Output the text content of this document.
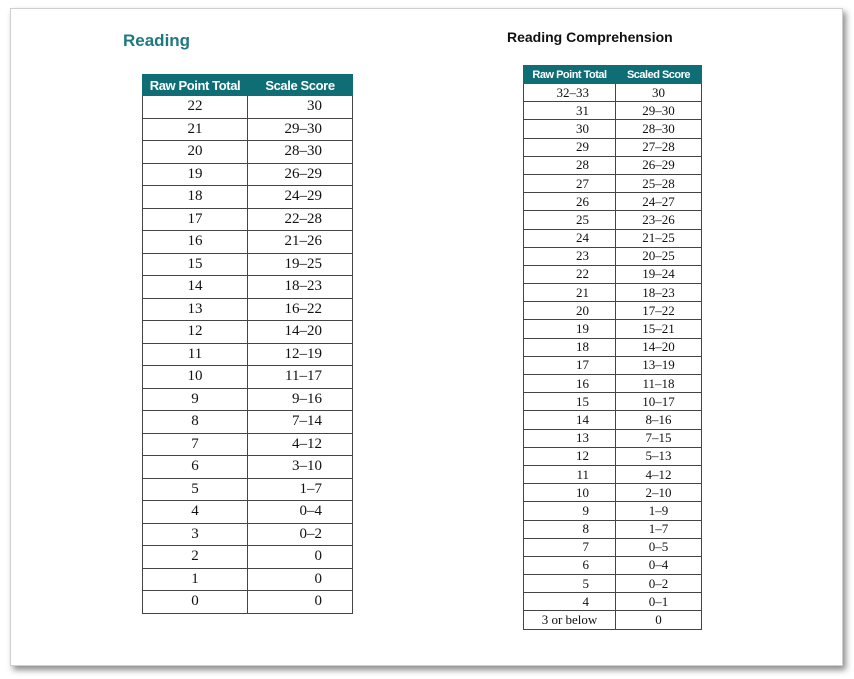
Reading	Reading Comprehension
Raw Point Total	Scale Score
22	30
21	29–30
20	28–30
19	26–29
18	24–29
17	22–28
16	21–26
15	19–25
14	18–23
13	16–22
12	14–20
11	12–19
10	11–17
9	9–16
8	7–14
7	4–12
6	3–10
5	1–7
4	0–4
3	0–2
2	0
1	0
0	0
Raw Point Total	Scaled Score
32–33	30
31	29–30
30	28–30
29	27–28
28	26–29
27	25–28
26	24–27
25	23–26
24	21–25
23	20–25
22	19–24
21	18–23
20	17–22
19	15–21
18	14–20
17	13–19
16	11–18
15	10–17
14	8–16
13	7–15
12	5–13
11	4–12
10	2–10
9	1–9
8	1–7
7	0–5
6	0–4
5	0–2
4	0–1
3 or below	0
